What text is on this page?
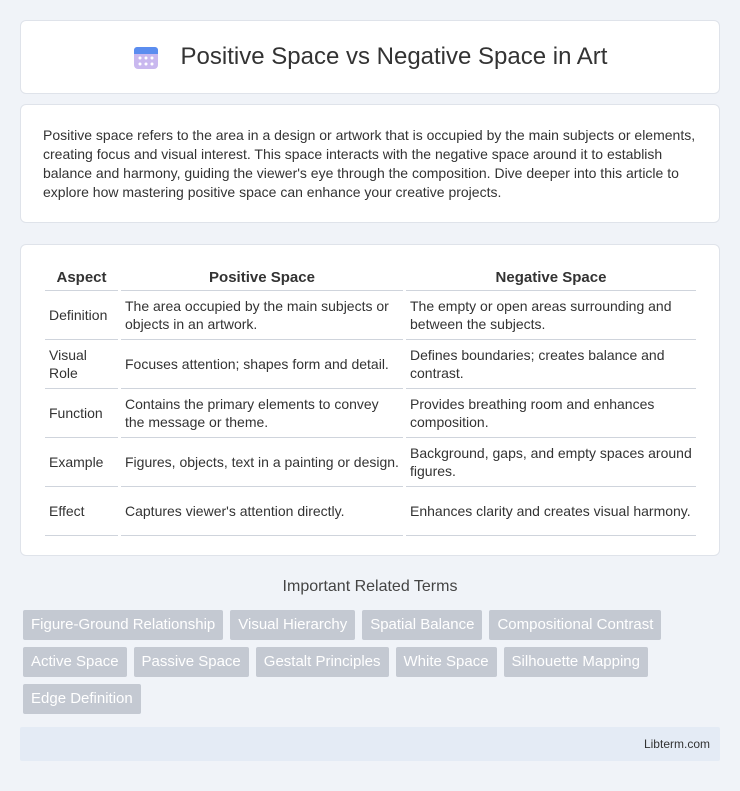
Positive Space vs Negative Space in Art

Positive space refers to the area in a design or artwork that is occupied by the main subjects or elements, creating focus and visual interest. This space interacts with the negative space around it to establish balance and harmony, guiding the viewer's eye through the composition. Dive deeper into this article to explore how mastering positive space can enhance your creative projects.

Aspect	Positive Space	Negative Space
Definition	The area occupied by the main subjects or objects in an artwork.	The empty or open areas surrounding and between the subjects.
Visual Role	Focuses attention; shapes form and detail.	Defines boundaries; creates balance and contrast.
Function	Contains the primary elements to convey the message or theme.	Provides breathing room and enhances composition.
Example	Figures, objects, text in a painting or design.	Background, gaps, and empty spaces around figures.
Effect	Captures viewer's attention directly.	Enhances clarity and creates visual harmony.
Important Related Terms
Figure-Ground Relationship	Visual Hierarchy	Spatial Balance	Compositional Contrast
Active Space	Passive Space	Gestalt Principles	White Space	Silhouette Mapping
Edge Definition
Libterm.com
